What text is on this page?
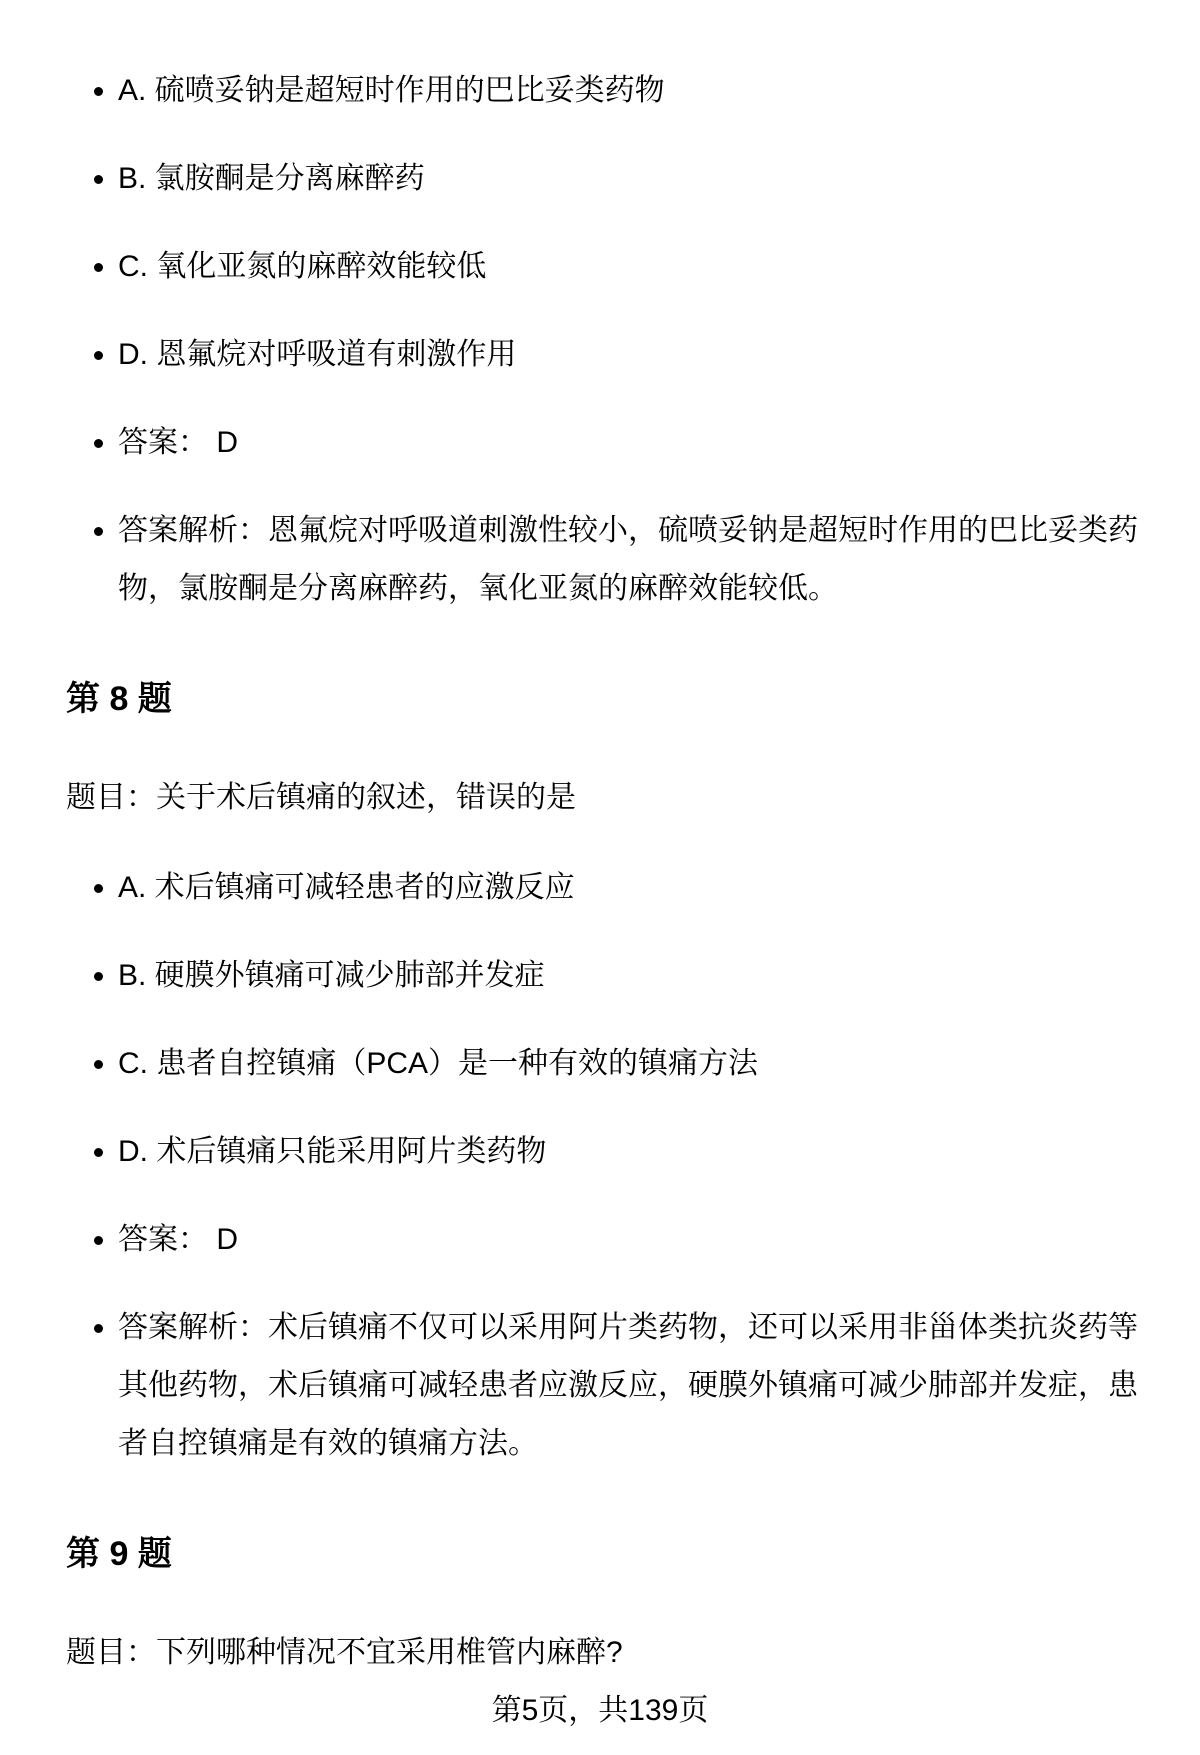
• A. 硫喷妥钠是超短时作用的巴比妥类药物
• B. 氯胺酮是分离麻醉药
• C. 氧化亚氮的麻醉效能较低
• D. 恩氟烷对呼吸道有刺激作用
• 答案： D
• 答案解析：恩氟烷对呼吸道刺激性较小，硫喷妥钠是超短时作用的巴比妥类药物，氯胺酮是分离麻醉药，氧化亚氮的麻醉效能较低。
第 8 题

题目：关于术后镇痛的叙述，错误的是

• A. 术后镇痛可减轻患者的应激反应
• B. 硬膜外镇痛可减少肺部并发症
• C. 患者自控镇痛（PCA）是一种有效的镇痛方法
• D. 术后镇痛只能采用阿片类药物
• 答案： D
• 答案解析：术后镇痛不仅可以采用阿片类药物，还可以采用非甾体类抗炎药等其他药物，术后镇痛可减轻患者应激反应，硬膜外镇痛可减少肺部并发症，患者自控镇痛是有效的镇痛方法。
第 9 题

题目：下列哪种情况不宜采用椎管内麻醉?

第5页，共139页
